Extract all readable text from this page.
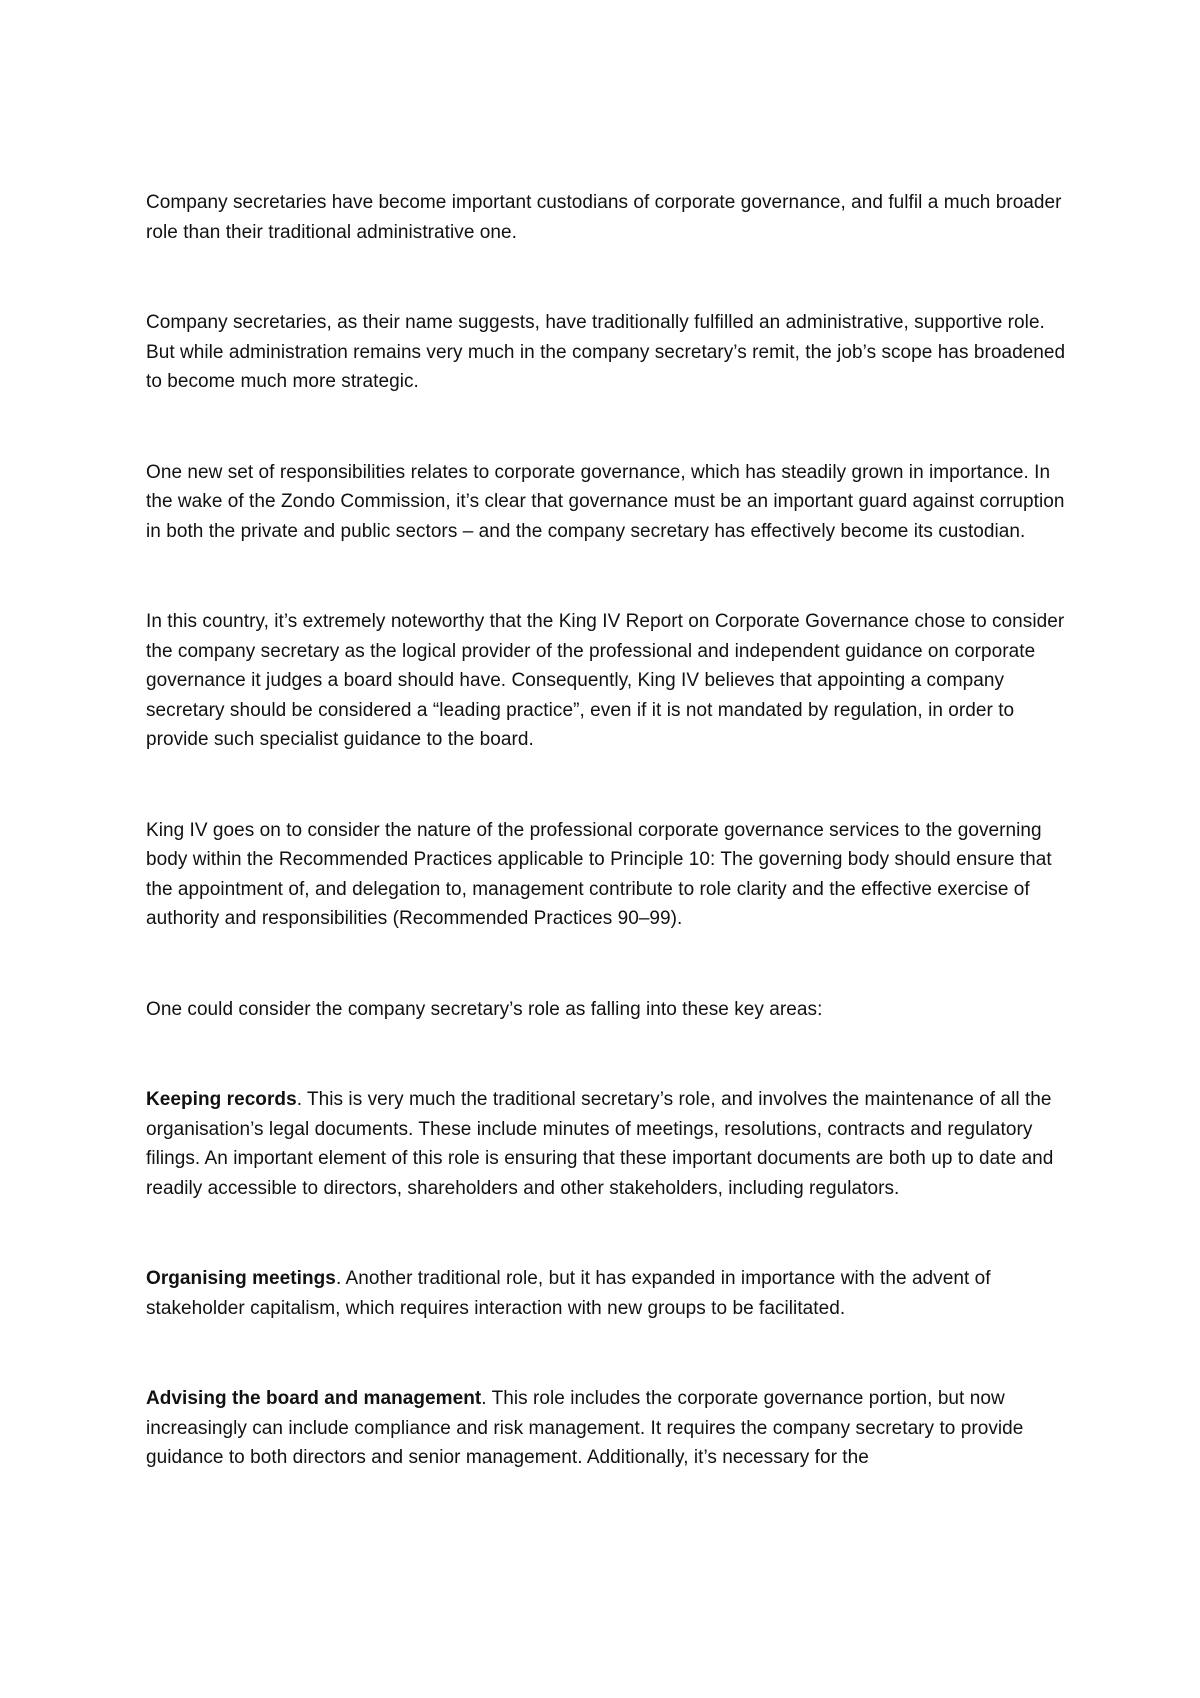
Company secretaries have become important custodians of corporate governance, and fulfil a much broader role than their traditional administrative one.

Company secretaries, as their name suggests, have traditionally fulfilled an administrative, supportive role. But while administration remains very much in the company secretary’s remit, the job’s scope has broadened to become much more strategic.

One new set of responsibilities relates to corporate governance, which has steadily grown in importance. In the wake of the Zondo Commission, it’s clear that governance must be an important guard against corruption in both the private and public sectors – and the company secretary has effectively become its custodian.

In this country, it’s extremely noteworthy that the King IV Report on Corporate Governance chose to consider the company secretary as the logical provider of the professional and independent guidance on corporate governance it judges a board should have. Consequently, King IV believes that appointing a company secretary should be considered a “leading practice”, even if it is not mandated by regulation, in order to provide such specialist guidance to the board.

King IV goes on to consider the nature of the professional corporate governance services to the governing body within the Recommended Practices applicable to Principle 10: The governing body should ensure that the appointment of, and delegation to, management contribute to role clarity and the effective exercise of authority and responsibilities (Recommended Practices 90–99).

One could consider the company secretary’s role as falling into these key areas:

Keeping records. This is very much the traditional secretary’s role, and involves the maintenance of all the organisation’s legal documents. These include minutes of meetings, resolutions, contracts and regulatory filings. An important element of this role is ensuring that these important documents are both up to date and readily accessible to directors, shareholders and other stakeholders, including regulators.

Organising meetings. Another traditional role, but it has expanded in importance with the advent of stakeholder capitalism, which requires interaction with new groups to be facilitated.

Advising the board and management. This role includes the corporate governance portion, but now increasingly can include compliance and risk management. It requires the company secretary to provide guidance to both directors and senior management. Additionally, it’s necessary for the
